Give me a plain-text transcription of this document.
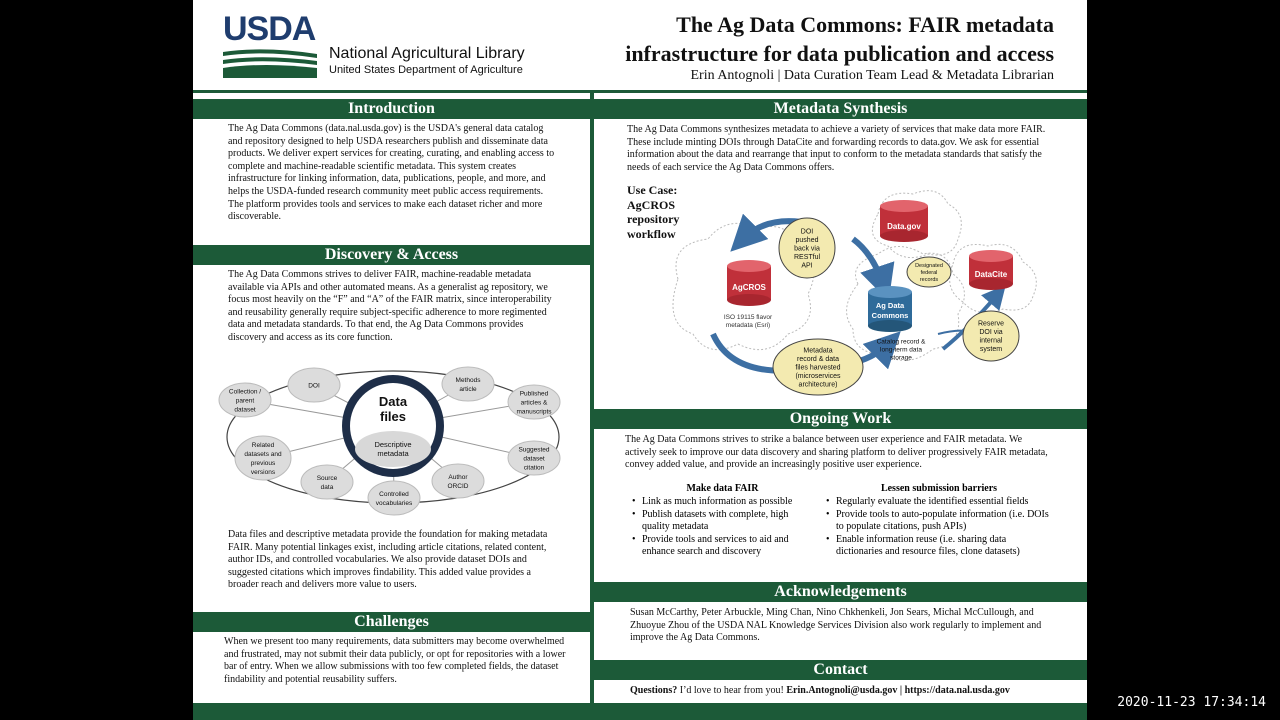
USDA
National Agricultural Library
United States Department of Agriculture
The Ag Data Commons: FAIR metadata
infrastructure for data publication and access
Erin Antognoli | Data Curation Team Lead & Metadata Librarian
Introduction
The Ag Data Commons (data.nal.usda.gov) is the USDA's general data catalog and repository designed to help USDA researchers publish and disseminate data products. We deliver expert services for creating, curating, and enabling access to complete and machine-readable scientific metadata. This system creates infrastructure for linking information, data, publications, people, and more, and helps the USDA-funded research community meet public access requirements. The platform provides tools and services to make each dataset richer and more discoverable.
Discovery & Access
The Ag Data Commons strives to deliver FAIR, machine-readable metadata available via APIs and other automated means. As a generalist ag repository, we focus most heavily on the “F” and “A” of the FAIR matrix, since interoperability and reusability generally require subject-specific adherence to more regimented data and metadata standards. To that end, the Ag Data Commons provides discovery and access as its core function.
Data
files
Descriptive
metadata
Collection /
parent
dataset
DOI
Methods
article
Published
articles &
manuscripts
Suggested
dataset
citation
Author
ORCID
Controlled
vocabularies
Source
data
Related
datasets and
previous
versions
Data files and descriptive metadata provide the foundation for making metadata FAIR. Many potential linkages exist, including article citations, related content, author IDs, and controlled vocabularies. We also provide dataset DOIs and suggested citations which improves findability. This added value provides a broader reach and delivers more value to users.
Challenges
When we present too many requirements, data submitters may become overwhelmed and frustrated, may not submit their data publicly, or opt for repositories with a lower bar of entry. When we allow submissions with too few completed fields, the dataset findability and potential reusability suffers.
Metadata Synthesis
The Ag Data Commons synthesizes metadata to achieve a variety of services that make data more FAIR. These include minting DOIs through DataCite and forwarding records to data.gov. We ask for essential information about the data and rearrange that input to conform to the metadata standards that satisfy the needs of each service the Ag Data Commons offers.
Use Case: AgCROS repository workflow
AgCROS
ISO 19115 flavor
metadata (Esri)
DOI
pushed
back via
RESTful
API
Data.gov
Designated
federal
records
DataCite
Ag Data
Commons
Catalog record &
long-term data
storage
Reserve
DOI via
internal
system
Metadata
record & data
files harvested
(microservices
architecture)
Ongoing Work
The Ag Data Commons strives to strike a balance between user experience and FAIR metadata. We actively seek to improve our data discovery and sharing platform to deliver progressively FAIR metadata, convey added value, and provide an increasingly positive user experience.

Make data FAIR

• Link as much information as possible
• Publish datasets with complete, high quality metadata
• Provide tools and services to aid and enhance search and discovery

Lessen submission barriers

• Regularly evaluate the identified essential fields
• Provide tools to auto-populate information (i.e. DOIs to populate citations, push APIs)
• Enable information reuse (i.e. sharing data dictionaries and resource files, clone datasets)
Acknowledgements
Susan McCarthy, Peter Arbuckle, Ming Chan, Nino Chkhenkeli, Jon Sears, Michal McCullough, and Zhuoyue Zhou of the USDA NAL Knowledge Services Division also work regularly to implement and improve the Ag Data Commons.
Contact
Questions? I’d love to hear from you! Erin.Antognoli@usda.gov | https://data.nal.usda.gov
2020-11-23 17:34:14
